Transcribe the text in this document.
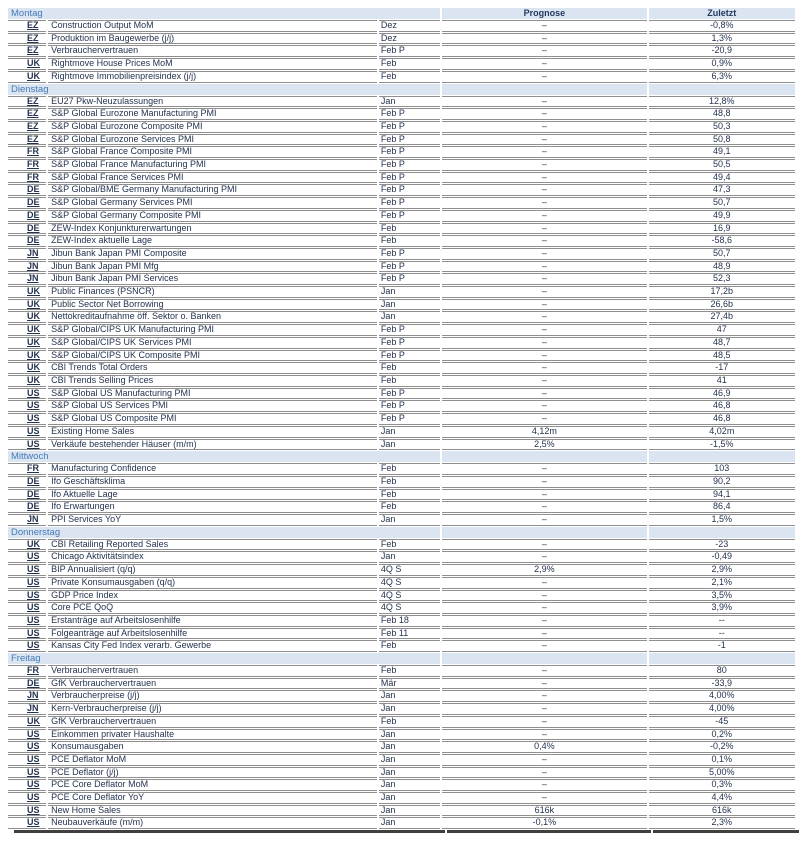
Montag			Prognose	Zuletzt
EZ	Construction Output MoM	Dez	–	-0,8%
EZ	Produktion im Baugewerbe (j/j)	Dez	–	1,3%
EZ	Verbrauchervertrauen	Feb P	–	-20,9
UK	Rightmove House Prices MoM	Feb	–	0,9%
UK	Rightmove Immobilienpreisindex (j/j)	Feb	–	6,3%
Dienstag				
EZ	EU27 Pkw-Neuzulassungen	Jan	–	12,8%
EZ	S&P Global Eurozone Manufacturing PMI	Feb P	–	48,8
EZ	S&P Global Eurozone Composite PMI	Feb P	–	50,3
EZ	S&P Global Eurozone Services PMI	Feb P	–	50,8
FR	S&P Global France Composite PMI	Feb P	–	49,1
FR	S&P Global France Manufacturing PMI	Feb P	–	50,5
FR	S&P Global France Services PMI	Feb P	–	49,4
DE	S&P Global/BME Germany Manufacturing PMI	Feb P	–	47,3
DE	S&P Global Germany Services PMI	Feb P	–	50,7
DE	S&P Global Germany Composite PMI	Feb P	–	49,9
DE	ZEW-Index Konjunkturerwartungen	Feb	–	16,9
DE	ZEW-Index aktuelle Lage	Feb	–	-58,6
JN	Jibun Bank Japan PMI Composite	Feb P	–	50,7
JN	Jibun Bank Japan PMI Mfg	Feb P	–	48,9
JN	Jibun Bank Japan PMI Services	Feb P	–	52,3
UK	Public Finances (PSNCR)	Jan	–	17,2b
UK	Public Sector Net Borrowing	Jan	–	26,6b
UK	Nettokreditaufnahme öff. Sektor o. Banken	Jan	–	27,4b
UK	S&P Global/CIPS UK Manufacturing PMI	Feb P	–	47
UK	S&P Global/CIPS UK Services PMI	Feb P	–	48,7
UK	S&P Global/CIPS UK Composite PMI	Feb P	–	48,5
UK	CBI Trends Total Orders	Feb	–	-17
UK	CBI Trends Selling Prices	Feb	–	41
US	S&P Global US Manufacturing PMI	Feb P	–	46,9
US	S&P Global US Services PMI	Feb P	–	46,8
US	S&P Global US Composite PMI	Feb P	–	46,8
US	Existing Home Sales	Jan	4,12m	4,02m
US	Verkäufe bestehender Häuser (m/m)	Jan	2,5%	-1,5%
Mittwoch				
FR	Manufacturing Confidence	Feb	–	103
DE	Ifo Geschäftsklima	Feb	–	90,2
DE	Ifo Aktuelle Lage	Feb	–	94,1
DE	Ifo Erwartungen	Feb	–	86,4
JN	PPI Services YoY	Jan	–	1,5%
Donnerstag				
UK	CBI Retailing Reported Sales	Feb	–	-23
US	Chicago Aktivitätsindex	Jan	–	-0,49
US	BIP Annualisiert (q/q)	4Q S	2,9%	2,9%
US	Private Konsumausgaben (q/q)	4Q S	–	2,1%
US	GDP Price Index	4Q S	–	3,5%
US	Core PCE QoQ	4Q S	–	3,9%
US	Erstanträge auf Arbeitslosenhilfe	Feb 18	–	--
US	Folgeanträge auf Arbeitslosenhilfe	Feb 11	–	--
US	Kansas City Fed Index verarb. Gewerbe	Feb	–	-1
Freitag				
FR	Verbrauchervertrauen	Feb	–	80
DE	GfK Verbrauchervertrauen	Mär	–	-33,9
JN	Verbraucherpreise (j/j)	Jan	–	4,00%
JN	Kern-Verbraucherpreise (j/j)	Jan	–	4,00%
UK	GfK Verbrauchervertrauen	Feb	–	-45
US	Einkommen privater Haushalte	Jan	–	0,2%
US	Konsumausgaben	Jan	0,4%	-0,2%
US	PCE Deflator MoM	Jan	–	0,1%
US	PCE Deflator (j/j)	Jan	–	5,00%
US	PCE Core Deflator MoM	Jan	–	0,3%
US	PCE Core Deflator YoY	Jan	–	4,4%
US	New Home Sales	Jan	616k	616k
US	Neubauverkäufe (m/m)	Jan	-0,1%	2,3%
